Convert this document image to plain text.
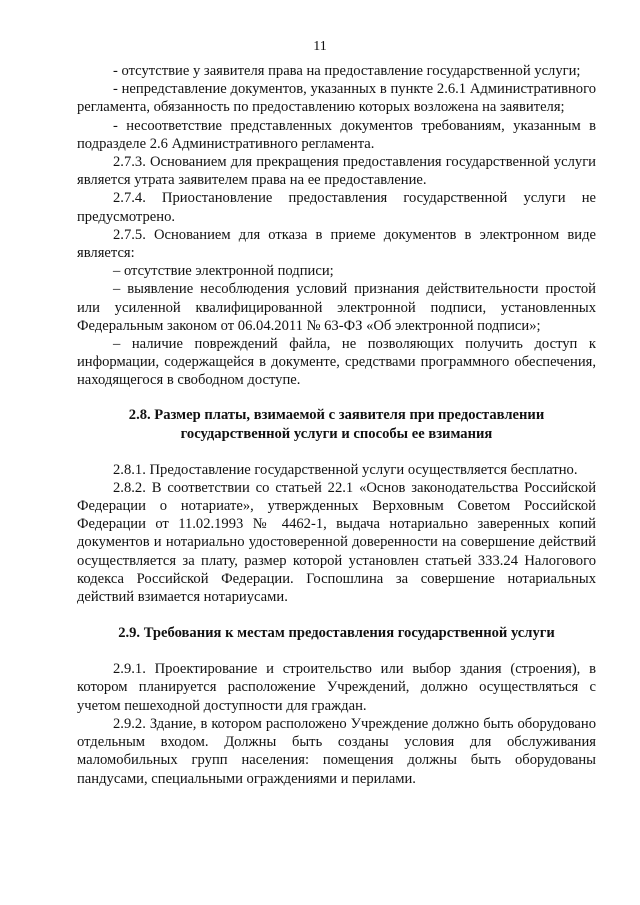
11

- отсутствие у заявителя права на предоставление государственной услуги;

- непредставление документов, указанных в пункте 2.6.1 Административного регламента, обязанность по предоставлению которых возложена на заявителя;

- несоответствие представленных документов требованиям, указанным в подразделе 2.6 Административного регламента.

2.7.3. Основанием для прекращения предоставления государственной услуги является утрата заявителем права на ее предоставление.

2.7.4. Приостановление предоставления государственной услуги не предусмотрено.

2.7.5. Основанием для отказа в приеме документов в электронном виде является:

– отсутствие электронной подписи;

– выявление несоблюдения условий признания действительности простой или усиленной квалифицированной электронной подписи, установленных Федеральным законом от 06.04.2011 № 63-ФЗ «Об электронной подписи»;

– наличие повреждений файла, не позволяющих получить доступ к информации, содержащейся в документе, средствами программного обеспечения, находящегося в свободном доступе.

2.8. Размер платы, взимаемой с заявителя при предоставлении

государственной услуги и способы ее взимания

2.8.1. Предоставление государственной услуги осуществляется бесплатно.

2.8.2. В соответствии со статьей 22.1 «Основ законодательства Российской Федерации о нотариате», утвержденных Верховным Советом Российской Федерации от 11.02.1993 № 4462-1, выдача нотариально заверенных копий документов и нотариально удостоверенной доверенности на совершение действий осуществляется за плату, размер которой установлен статьей 333.24 Налогового кодекса Российской Федерации. Госпошлина за совершение нотариальных действий взимается нотариусами.

2.9. Требования к местам предоставления государственной услуги

2.9.1. Проектирование и строительство или выбор здания (строения), в котором планируется расположение Учреждений, должно осуществляться с учетом пешеходной доступности для граждан.

2.9.2. Здание, в котором расположено Учреждение должно быть оборудовано отдельным входом. Должны быть созданы условия для обслуживания маломобильных групп населения: помещения должны быть оборудованы пандусами, специальными ограждениями и перилами.
